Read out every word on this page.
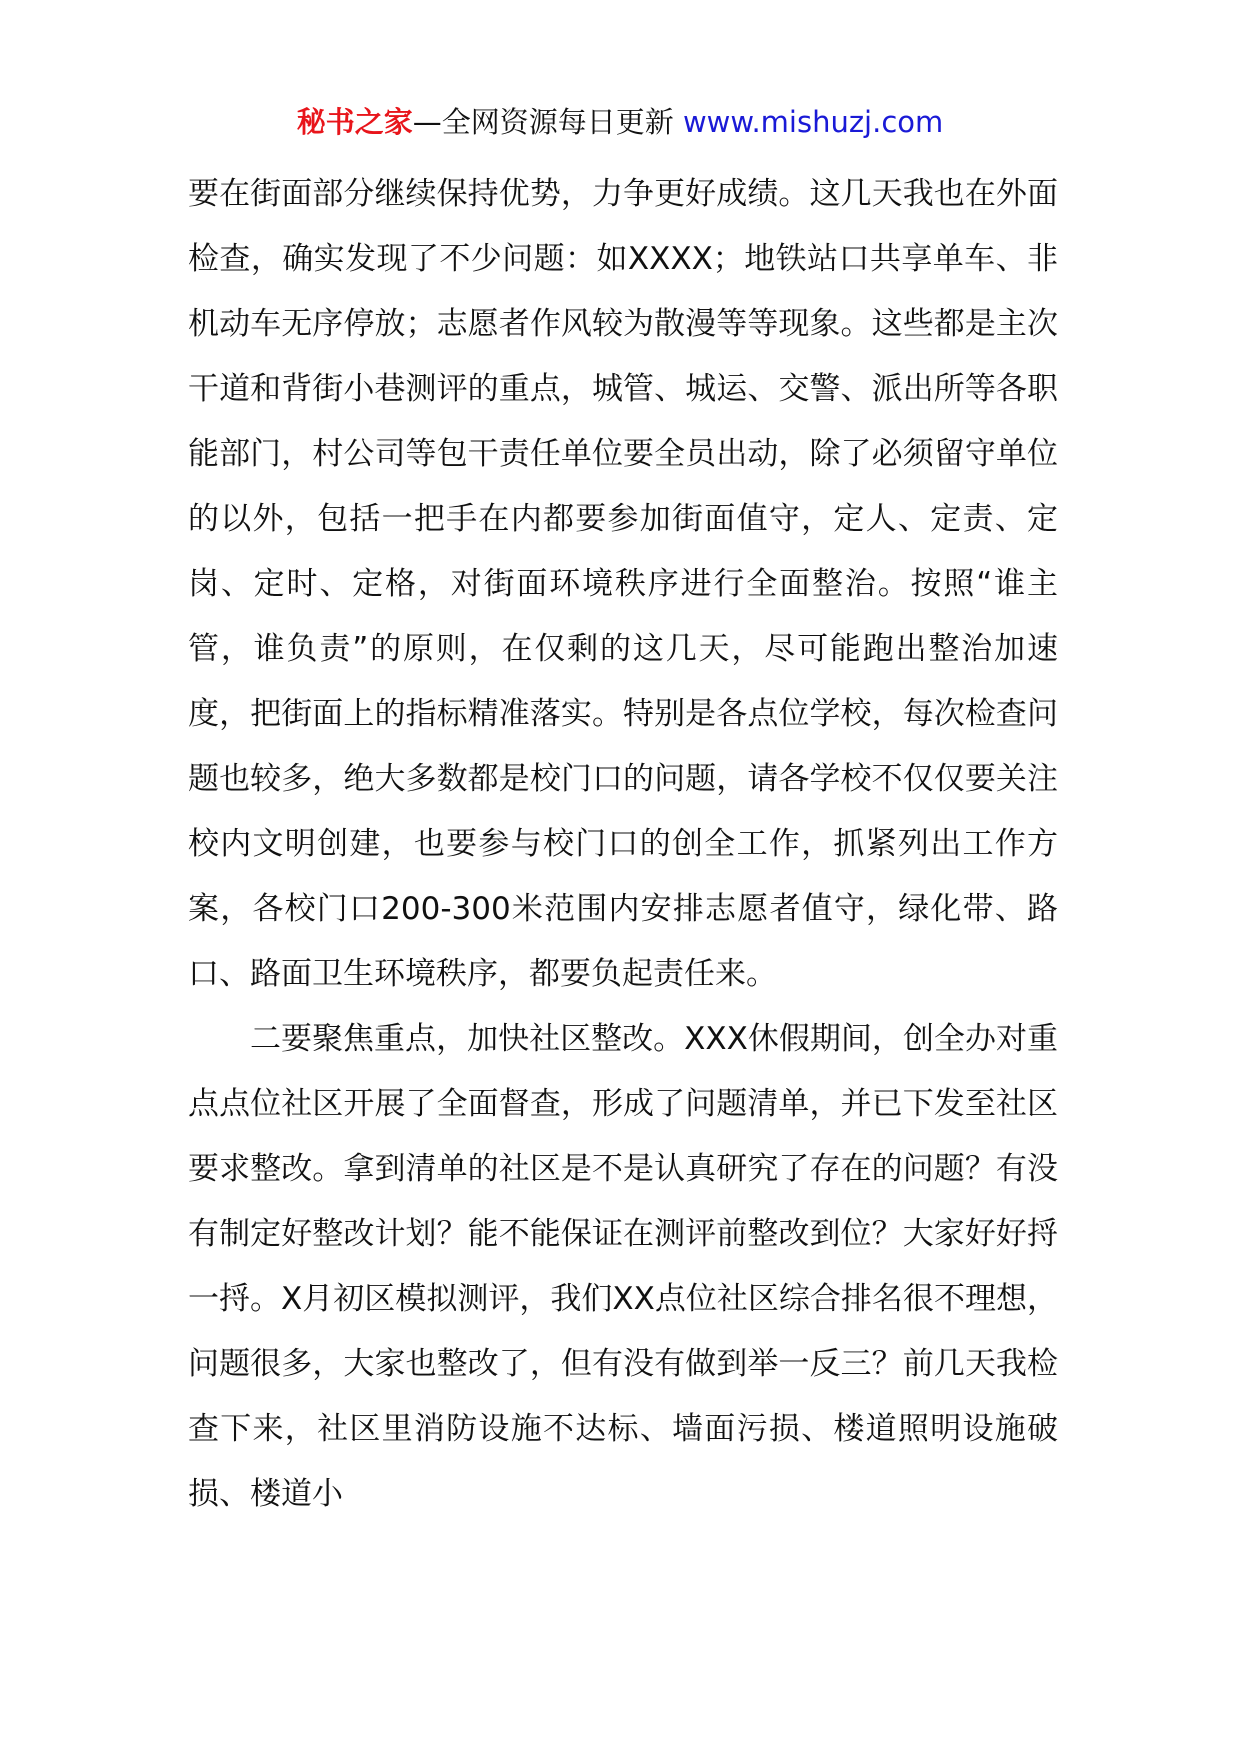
秘书之家—全网资源每日更新 www.mishuzj.com

要在街面部分继续保持优势，力争更好成绩。这几天我也在外面检查，确实发现了不少问题：如XXXX；地铁站口共享单车、非机动车无序停放；志愿者作风较为散漫等等现象。这些都是主次干道和背街小巷测评的重点，城管、城运、交警、派出所等各职能部门，村公司等包干责任单位要全员出动，除了必须留守单位的以外，包括一把手在内都要参加街面值守，定人、定责、定岗、定时、定格，对街面环境秩序进行全面整治。按照“谁主管，谁负责”的原则，在仅剩的这几天，尽可能跑出整治加速度，把街面上的指标精准落实。特别是各点位学校，每次检查问题也较多，绝大多数都是校门口的问题，请各学校不仅仅要关注校内文明创建，也要参与校门口的创全工作，抓紧列出工作方案，各校门口200-300米范围内安排志愿者值守，绿化带、路口、路面卫生环境秩序，都要负起责任来。

二要聚焦重点，加快社区整改。XXX休假期间，创全办对重点点位社区开展了全面督查，形成了问题清单，并已下发至社区要求整改。拿到清单的社区是不是认真研究了存在的问题？有没有制定好整改计划？能不能保证在测评前整改到位？大家好好捋一捋。X月初区模拟测评，我们XX点位社区综合排名很不理想，问题很多，大家也整改了，但有没有做到举一反三？前几天我检查下来，社区里消防设施不达标、墙面污损、楼道照明设施破损、楼道小
